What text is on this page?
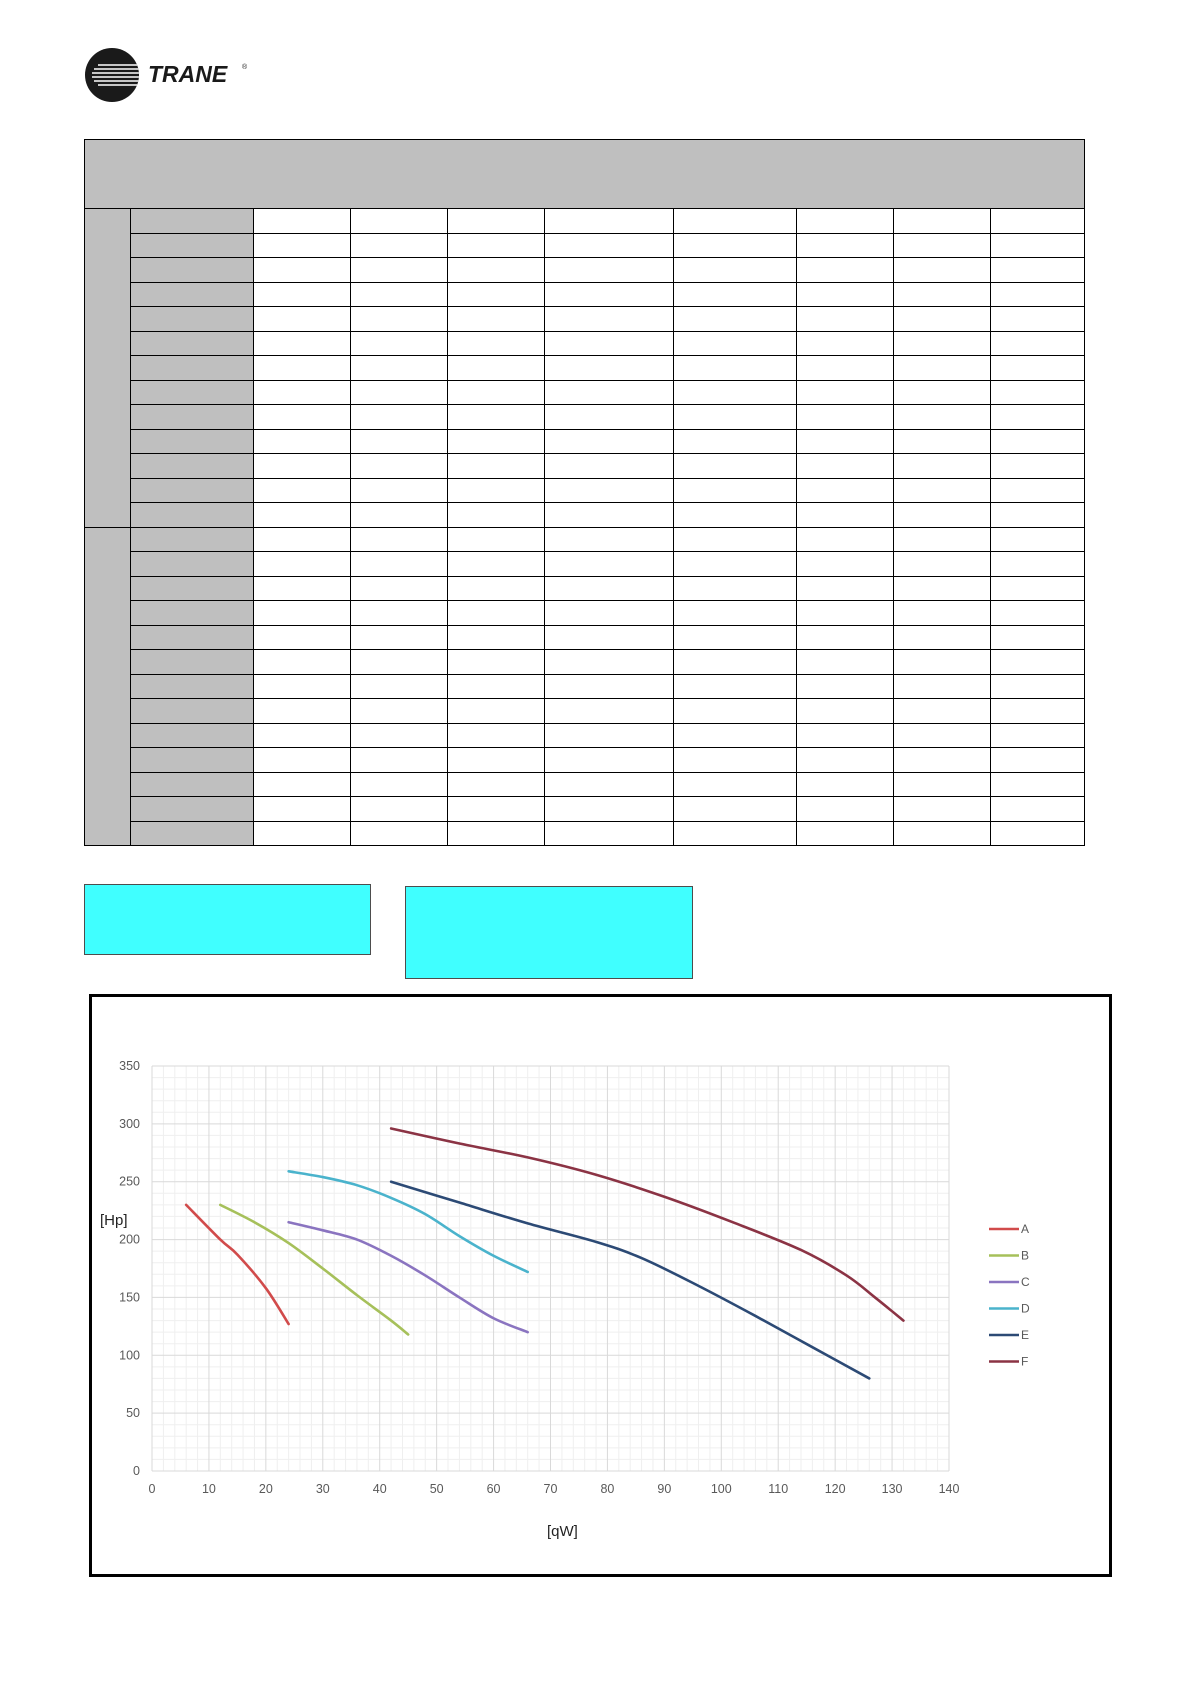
TRANE ®

0	10	20	30	40	50	60	70	80	90	100	110	120	130	140
0
50
100
150
200
250
300
350
A
B
C
D
E
F
[Hp]
[qW]
